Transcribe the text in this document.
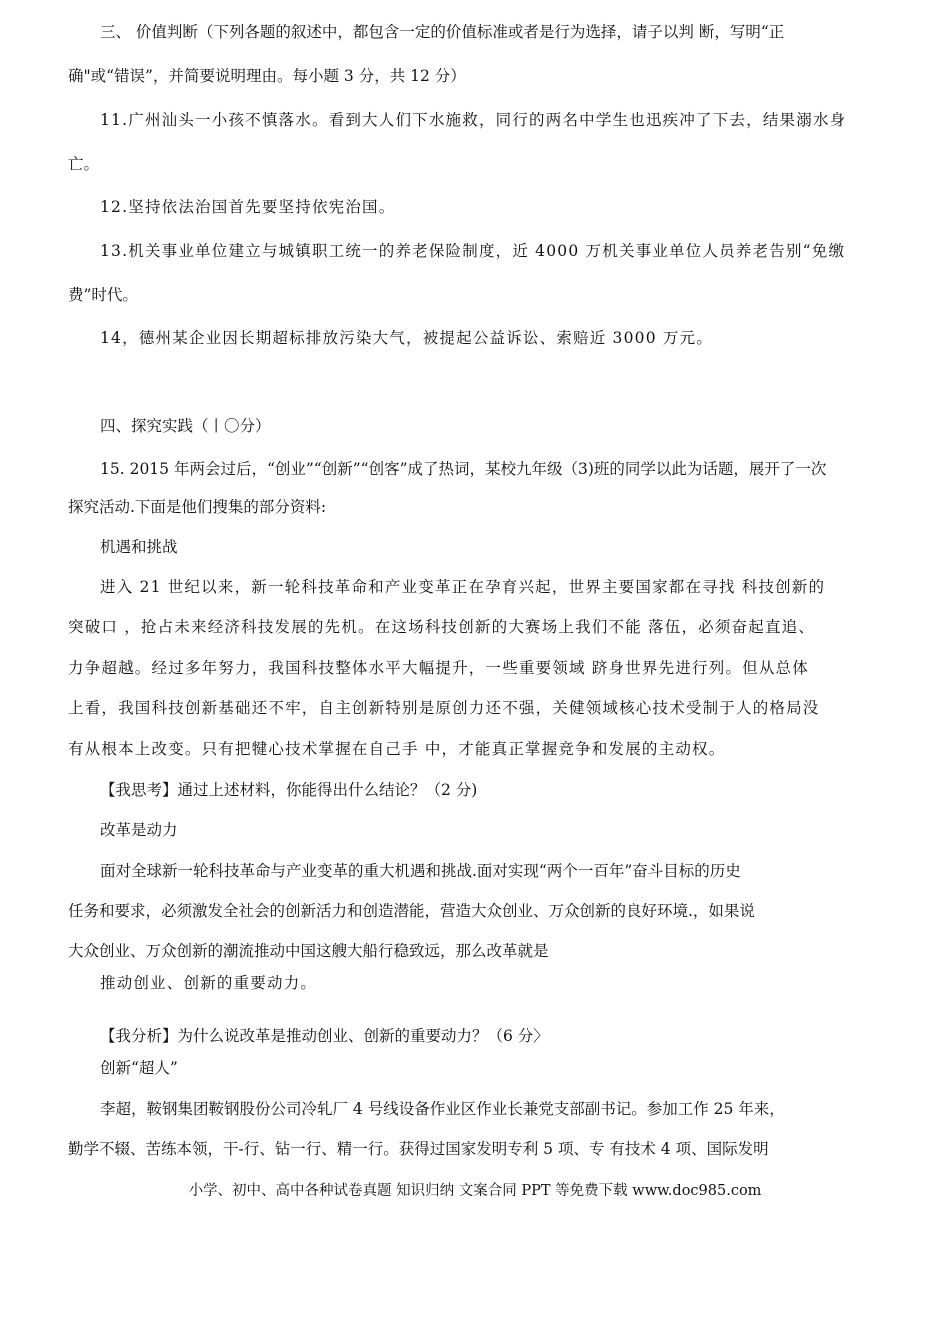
三、 价值判断（下列各题的叙述中，都包含一定的价值标准或者是行为选择，请子以判 断，写明“正
确"或“错误”，并简要说明理由。每小题 3 分，共 12 分）
11.广州汕头一小孩不慎落水。看到大人们下水施救，同行的两名中学生也迅疾冲了下去，结果溺水身
亡。
12.坚持依法治国首先要坚持依宪治国。
13.机关事业单位建立与城镇职工统一的养老保险制度，近 4000 万机关事业单位人员养老告别“免缴
费”时代。
14，德州某企业因长期超标排放污染大气，被提起公益诉讼、索赔近 3000 万元。
四、探究实践（丨〇分）
15. 2015 年两会过后，“创业”“创新”“创客”成了热词，某校九年级（3)班的同学以此为话题，展开了一次
探究活动.下面是他们搜集的部分资料:
机遇和挑战
进入 21 世纪以来，新一轮科技革命和产业变革正在孕育兴起，世界主要国家都在寻找 科技创新的
突破口 ，抢占未来经济科技发展的先机。在这场科技创新的大赛场上我们不能 落伍，必须奋起直追、
力争超越。经过多年努力，我国科技整体水平大幅提升，一些重要领域 跻身世界先进行列。但从总体
上看，我国科技创新基础还不牢，自主创新特别是原创力还不强，关健领域核心技术受制于人的格局没
有从根本上改变。只有把犍心技术掌握在自己手 中，才能真正掌握竞争和发展的主动权。
【我思考】通过上述材料，你能得出什么结论？（2 分)
改革是动力
面对全球新一轮科技革命与产业变革的重大机遇和挑战.面对实现“两个一百年”奋斗目标的历史
任务和要求，必须激发全社会的创新活力和创造潜能，营造大众创业、万众创新的良好环境.，如果说
大众创业、万众创新的潮流推动中国这艘大船行稳致远，那么改革就是
推动创业、创新的重要动力。
【我分析】为什么说改革是推动创业、创新的重要动力？（6 分〉
创新“超人”
李超，鞍钢集团鞍钢股份公司冷轧厂 4 号线设备作业区作业长兼党支部副书记。参加工作 25 年来，
勤学不辍、苦练本领，干-行、钻一行、精一行。获得过国家发明专利 5 项、专 有技术 4 项、国际发明
小学、初中、高中各种试卷真题 知识归纳 文案合同 PPT 等免费下载 www.doc985.com
